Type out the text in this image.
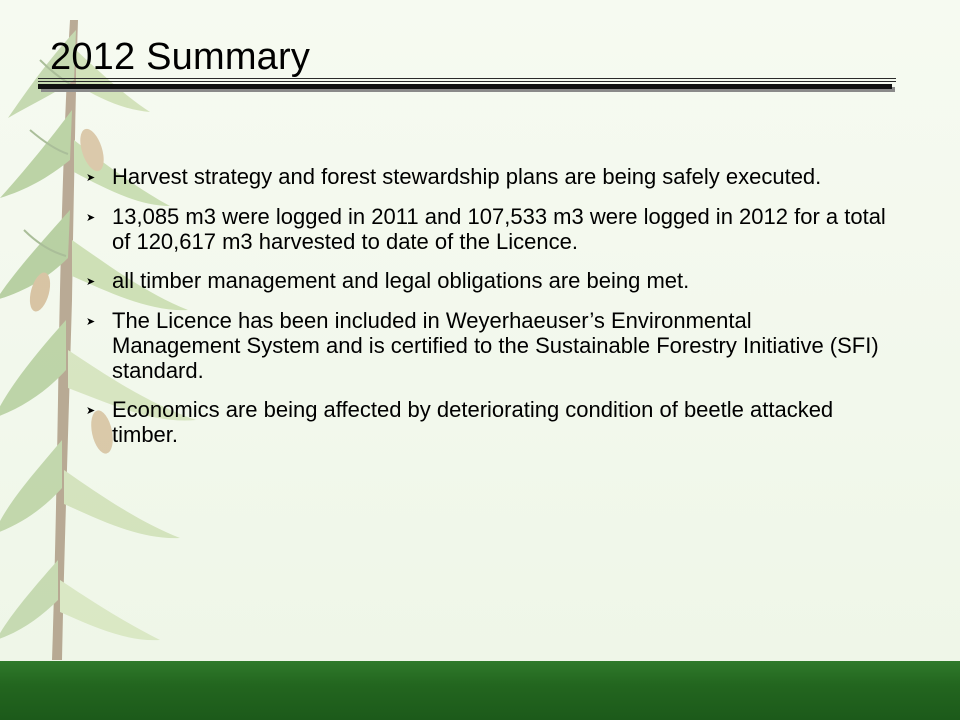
2012 Summary
➤ Harvest strategy and forest stewardship plans are being safely executed.
➤ 13,085 m3 were logged in 2011 and 107,533 m3 were logged in 2012 for a total of 120,617 m3 harvested to date of the Licence.
➤ all timber management and legal obligations are being met.
➤ The Licence has been included in Weyerhaeuser’s Environmental Management System and is certified to the Sustainable Forestry Initiative (SFI) standard.
➤ Economics are being affected by deteriorating condition of beetle attacked timber.
